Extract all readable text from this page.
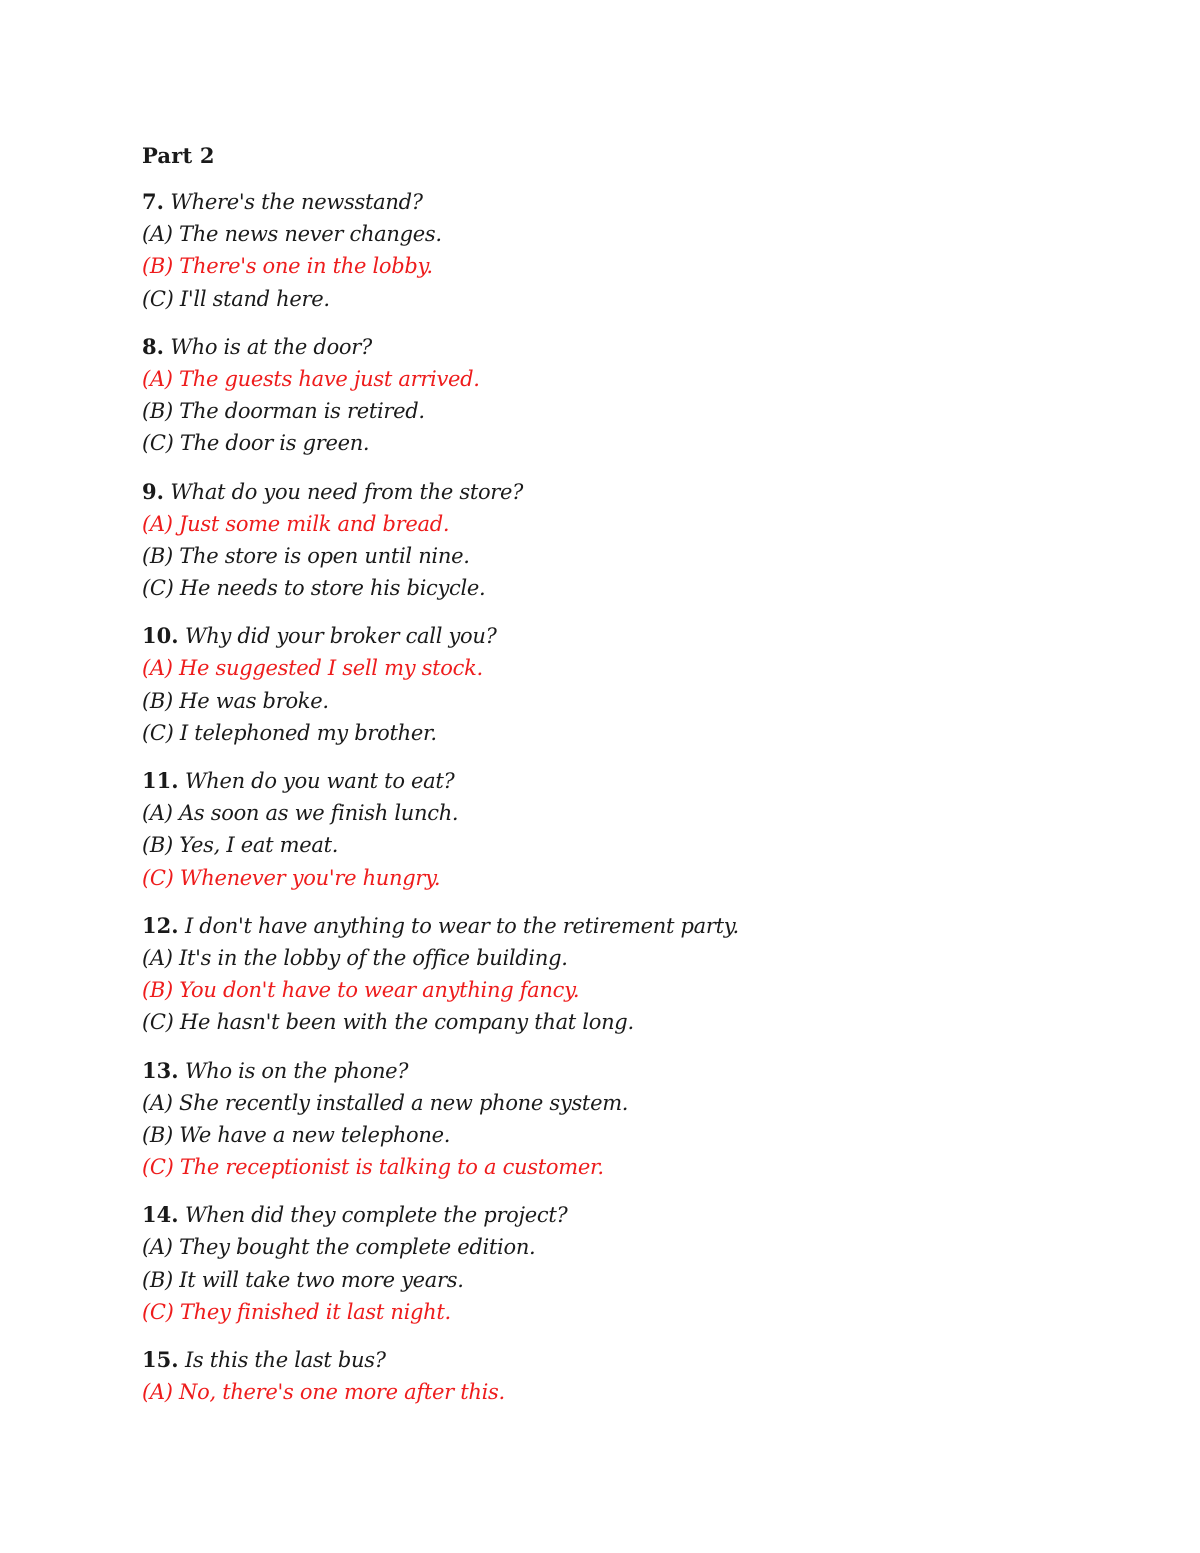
Part 2
7. Where's the newsstand?
(A) The news never changes.
(B) There's one in the lobby.
(C) I'll stand here.
8. Who is at the door?
(A) The guests have just arrived.
(B) The doorman is retired.
(C) The door is green.
9. What do you need from the store?
(A) Just some milk and bread.
(B) The store is open until nine.
(C) He needs to store his bicycle.
10. Why did your broker call you?
(A) He suggested I sell my stock.
(B) He was broke.
(C) I telephoned my brother.
11. When do you want to eat?
(A) As soon as we finish lunch.
(B) Yes, I eat meat.
(C) Whenever you're hungry.
12. I don't have anything to wear to the retirement party.
(A) It's in the lobby of the office building.
(B) You don't have to wear anything fancy.
(C) He hasn't been with the company that long.
13. Who is on the phone?
(A) She recently installed a new phone system.
(B) We have a new telephone.
(C) The receptionist is talking to a customer.
14. When did they complete the project?
(A) They bought the complete edition.
(B) It will take two more years.
(C) They finished it last night.
15. Is this the last bus?
(A) No, there's one more after this.
